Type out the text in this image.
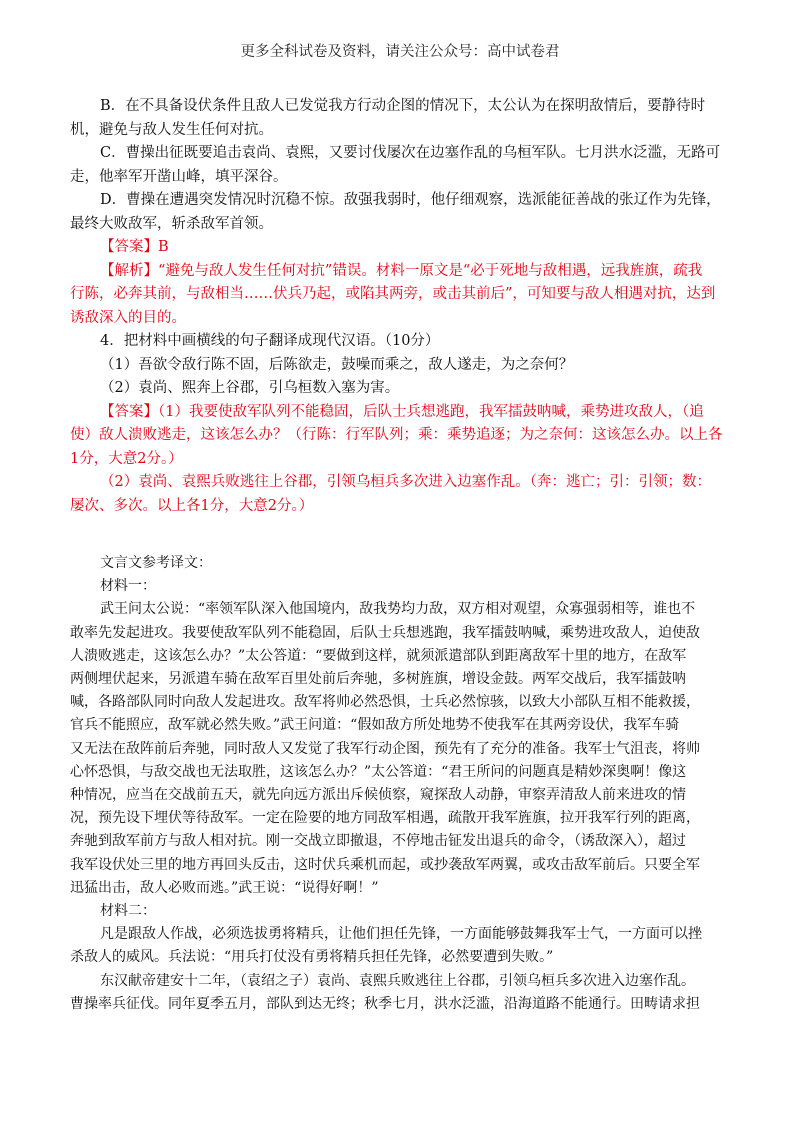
更多全科试卷及资料，请关注公众号：高中试卷君
B．在不具备设伏条件且敌人已发觉我方行动企图的情况下，太公认为在探明敌情后，要静待时
机，避免与敌人发生任何对抗。
C．曹操出征既要追击袁尚、袁熙，又要讨伐屡次在边塞作乱的乌桓军队。七月洪水泛滥，无路可
走，他率军开凿山峰，填平深谷。
D．曹操在遭遇突发情况时沉稳不惊。敌强我弱时，他仔细观察，选派能征善战的张辽作为先锋，
最终大败敌军，斩杀敌军首领。
【答案】B
【解析】“避免与敌人发生任何对抗”错误。材料一原文是“必于死地与敌相遇，远我旌旗，疏我
行陈，必奔其前，与敌相当……伏兵乃起，或陷其两旁，或击其前后”，可知要与敌人相遇对抗，达到
诱敌深入的目的。
4．把材料中画横线的句子翻译成现代汉语。（10分）
（1）吾欲令敌行陈不固，后陈欲走，鼓噪而乘之，敌人遂走，为之奈何？
（2）袁尚、熙奔上谷郡，引乌桓数入塞为害。
【答案】（1）我要使敌军队列不能稳固，后队士兵想逃跑，我军擂鼓呐喊，乘势进攻敌人，（追
使）敌人溃败逃走，这该怎么办？（行陈：行军队列；乘：乘势追逐；为之奈何：这该怎么办。以上各
1分，大意2分。）
（2）袁尚、袁熙兵败逃往上谷郡，引领乌桓兵多次进入边塞作乱。（奔：逃亡；引：引领；数：
屡次、多次。以上各1分，大意2分。）
文言文参考译文：
材料一：
武王问太公说：“率领军队深入他国境内，敌我势均力敌，双方相对观望，众寡强弱相等，谁也不
敢率先发起进攻。我要使敌军队列不能稳固，后队士兵想逃跑，我军擂鼓呐喊，乘势进攻敌人，迫使敌
人溃败逃走，这该怎么办？”太公答道：“要做到这样，就须派遣部队到距离敌军十里的地方，在敌军
两侧埋伏起来，另派遣车骑在敌军百里处前后奔驰，多树旌旗，增设金鼓。两军交战后，我军擂鼓呐
喊，各路部队同时向敌人发起进攻。敌军将帅必然恐惧，士兵必然惊骇，以致大小部队互相不能救援，
官兵不能照应，敌军就必然失败。”武王问道：“假如敌方所处地势不使我军在其两旁设伏，我军车骑
又无法在敌阵前后奔驰，同时敌人又发觉了我军行动企图，预先有了充分的准备。我军士气沮丧，将帅
心怀恐惧，与敌交战也无法取胜，这该怎么办？”太公答道：“君王所问的问题真是精妙深奥啊！像这
种情况，应当在交战前五天，就先向远方派出斥候侦察，窥探敌人动静，审察弄清敌人前来进攻的情
况，预先设下埋伏等待敌军。一定在险要的地方同敌军相遇，疏散开我军旌旗，拉开我军行列的距离，
奔驰到敌军前方与敌人相对抗。刚一交战立即撤退，不停地击钲发出退兵的命令，（诱敌深入），超过
我军设伏处三里的地方再回头反击，这时伏兵乘机而起，或抄袭敌军两翼，或攻击敌军前后。只要全军
迅猛出击，敌人必败而逃。”武王说：“说得好啊！”
材料二：
凡是跟敌人作战，必须选拔勇将精兵，让他们担任先锋，一方面能够鼓舞我军士气，一方面可以挫
杀敌人的威风。兵法说：“用兵打仗没有勇将精兵担任先锋，必然要遭到失败。”
东汉献帝建安十二年，（袁绍之子）袁尚、袁熙兵败逃往上谷郡，引领乌桓兵多次进入边塞作乱。
曹操率兵征伐。同年夏季五月，部队到达无终；秋季七月，洪水泛滥，沿海道路不能通行。田畴请求担
